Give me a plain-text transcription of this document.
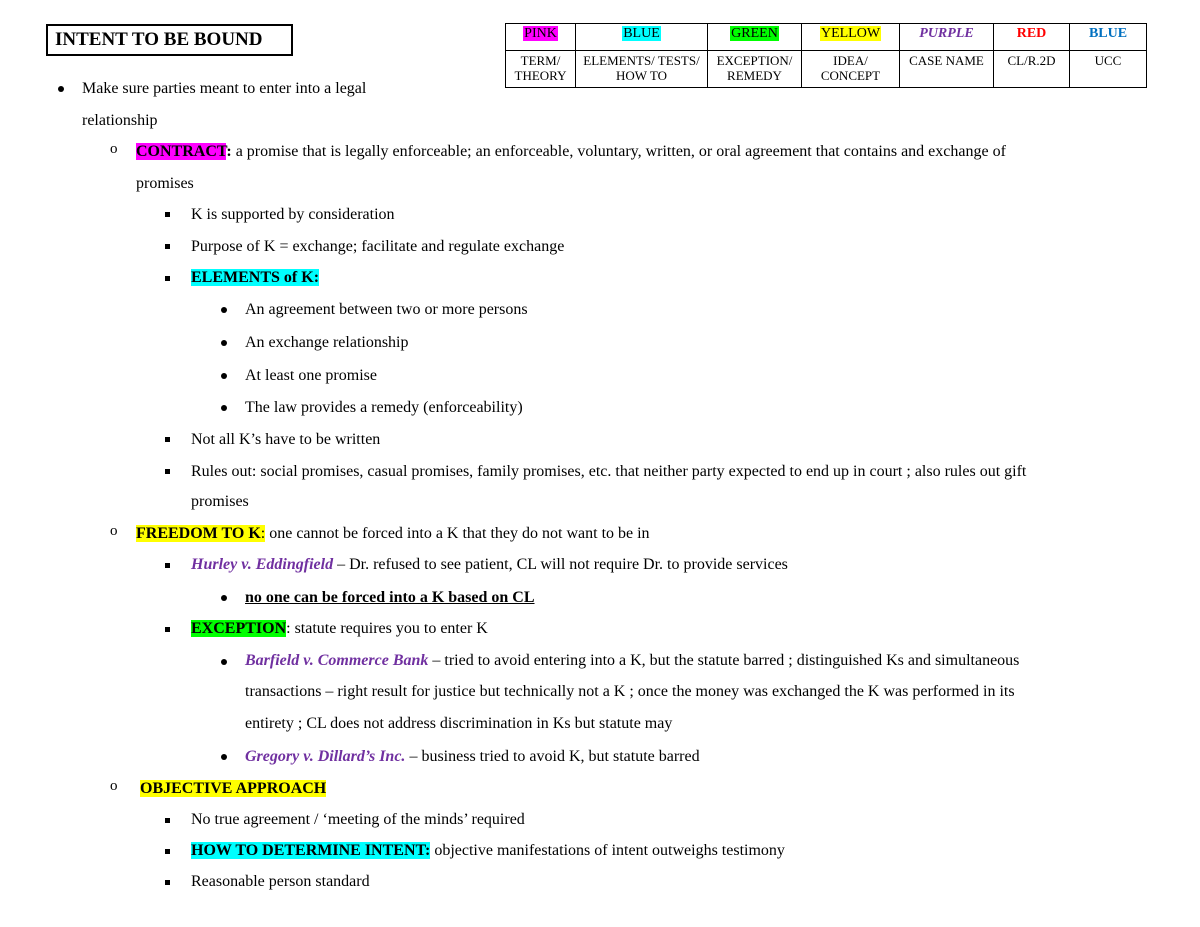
INTENT TO BE BOUND	PINK	BLUE	GREEN	YELLOW	PURPLE	RED	BLUE
TERM/ THEORY	ELEMENTS/ TESTS/ HOW TO	EXCEPTION/ REMEDY	IDEA/ CONCEPT	CASE NAME	CL/R.2D	UCC
Make sure parties meant to enter into a legal
relationship
o CONTRACT: a promise that is legally enforceable; an enforceable, voluntary, written, or oral agreement that contains and exchange of
promises
K is supported by consideration
Purpose of K = exchange; facilitate and regulate exchange
ELEMENTS of K:
An agreement between two or more persons
An exchange relationship
At least one promise
The law provides a remedy (enforceability)
Not all K’s have to be written
Rules out: social promises, casual promises, family promises, etc. that neither party expected to end up in court ; also rules out gift
promises
o FREEDOM TO K: one cannot be forced into a K that they do not want to be in
Hurley v. Eddingfield – Dr. refused to see patient, CL will not require Dr. to provide services
no one can be forced into a K based on CL
EXCEPTION: statute requires you to enter K
Barfield v. Commerce Bank – tried to avoid entering into a K, but the statute barred ; distinguished Ks and simultaneous
transactions – right result for justice but technically not a K ; once the money was exchanged the K was performed in its
entirety ; CL does not address discrimination in Ks but statute may
Gregory v. Dillard’s Inc. – business tried to avoid K, but statute barred
o OBJECTIVE APPROACH
No true agreement / ‘meeting of the minds’ required
HOW TO DETERMINE INTENT: objective manifestations of intent outweighs testimony
Reasonable person standard
